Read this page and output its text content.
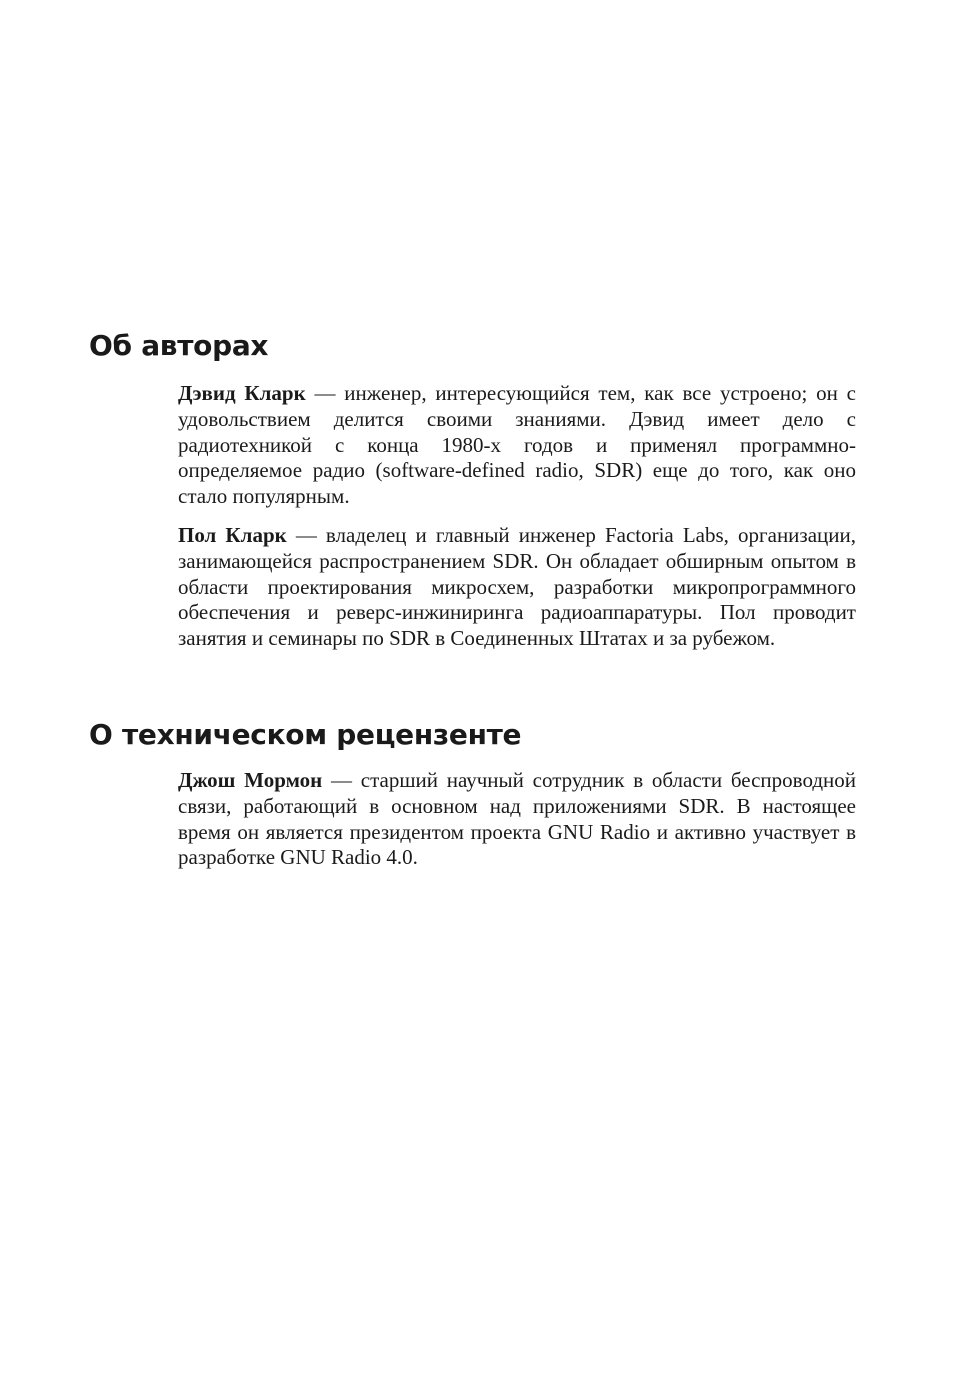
Об авторах

Дэвид Кларк — инженер, интересующийся тем, как все устроено; он с удовольствием делится своими знаниями. Дэвид имеет дело с радиотехникой с конца 1980-х годов и применял программно-определяемое радио (software-defined radio, SDR) еще до того, как оно стало популярным.

Пол Кларк — владелец и главный инженер Factoria Labs, организации, занимающейся распространением SDR. Он обладает обширным опытом в области проектирования микросхем, разработки микропрограммного обеспечения и реверс-инжиниринга радиоаппаратуры. Пол проводит занятия и семинары по SDR в Соединенных Штатах и за рубежом.

О техническом рецензенте

Джош Мормон — старший научный сотрудник в области беспроводной связи, работающий в основном над приложениями SDR. В настоящее время он является президентом проекта GNU Radio и активно участвует в разработке GNU Radio 4.0.
